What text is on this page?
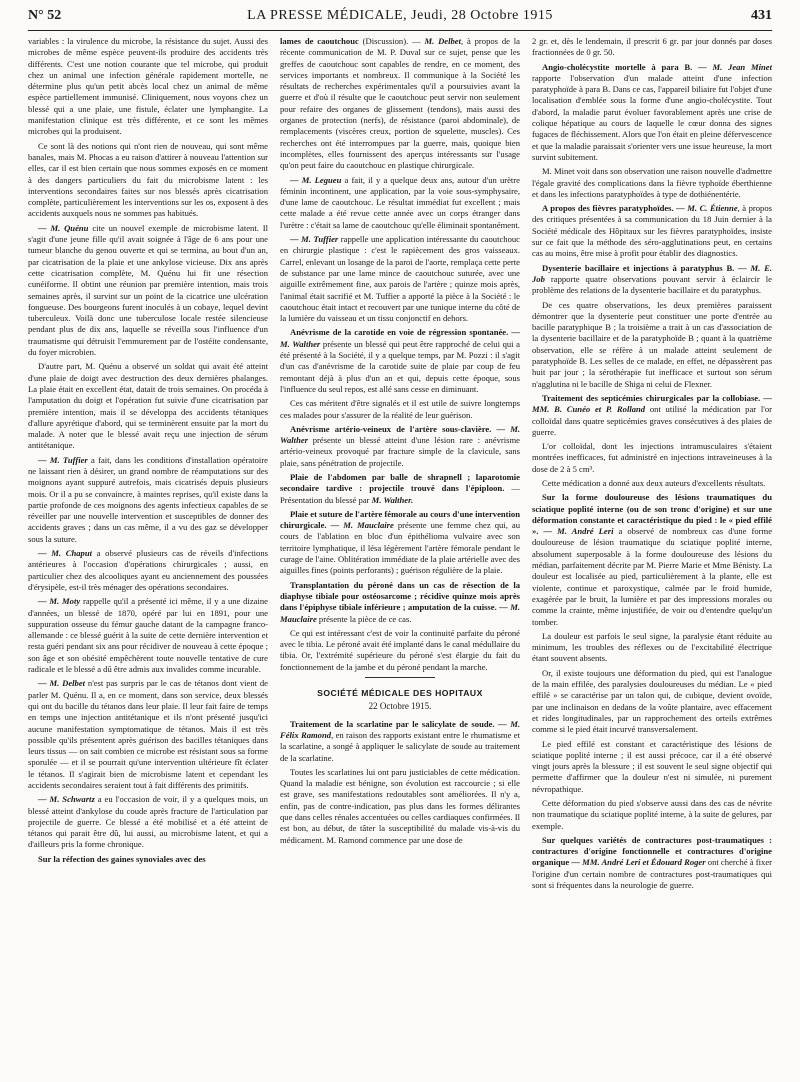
N° 52	LA PRESSE MÉDICALE, Jeudi, 28 Octobre 1915	431

variables : la virulence du microbe, la résistance du sujet. Aussi des microbes de même espèce peuvent-ils produire des accidents très différents. C'est une notion courante que tel microbe, qui produit chez un animal une infection générale rapidement mortelle, ne détermine plus qu'un petit abcès local chez un animal de même espèce partiellement immunisé. Cliniquement, nous voyons chez un blessé qui a une plaie, une fistule, éclater une lymphangite. La manifestation clinique est très différente, et ce sont les mêmes microbes qui la produisent.

Ce sont là des notions qui n'ont rien de nouveau, qui sont même banales, mais M. Phocas a eu raison d'attirer à nouveau l'attention sur elles, car il est bien certain que nous sommes exposés en ce moment à des dangers particuliers du fait du microbisme latent : les interventions secondaires faites sur nos blessés après cicatrisation complète, particulièrement les interventions sur les os, exposent à des accidents auxquels nous ne sommes pas habitués.

— M. Quénu cite un nouvel exemple de microbisme latent. Il s'agit d'une jeune fille qu'il avait soignée à l'âge de 6 ans pour une tumeur blanche du genou ouverte et qui se termina, au bout d'un an, par cicatrisation de la plaie et une ankylose vicieuse. Dix ans après cette cicatrisation complète, M. Quénu lui fit une résection cunéiforme. Il obtint une réunion par première intention, mais trois semaines après, il survint sur un point de la cicatrice une ulcération fongueuse. Des bourgeons furent inoculés à un cobaye, lequel devint tuberculeux. Voilà donc une tuberculose locale restée silencieuse pendant plus de dix ans, laquelle se réveilla sous l'influence d'un traumatisme qui détruisit l'emmurement par de l'ostéite condensante, du foyer microbien.

D'autre part, M. Quénu a observé un soldat qui avait été atteint d'une plaie de doigt avec destruction des deux dernières phalanges. La plaie était en excellent état, datait de trois semaines. On procéda à l'amputation du doigt et l'opération fut suivie d'une cicatrisation par première intention, mais il se développa des accidents tétaniques d'allure apyrétique d'abord, qui se terminèrent ensuite par la mort du malade. A noter que le blessé avait reçu une injection de sérum antitétanique.

— M. Tuffier a fait, dans les conditions d'installation opératoire ne laissant rien à désirer, un grand nombre de réamputations sur des moignons ayant suppuré autrefois, mais cicatrisés depuis plusieurs mois. Or il a pu se convaincre, à maintes reprises, qu'il existe dans la partie profonde de ces moignons des agents infectieux capables de se réveiller par une nouvelle intervention et susceptibles de donner des accidents graves ; dans un cas même, il a vu des gaz se développer sous la suture.

— M. Chaput a observé plusieurs cas de réveils d'infections antérieures à l'occasion d'opérations chirurgicales ; aussi, en particulier chez des alcooliques ayant eu anciennement des poussées d'érysipèle, est-il très ménager des opérations secondaires.

— M. Moty rappelle qu'il a présenté ici même, il y a une dizaine d'années, un blessé de 1870, opéré par lui en 1891, pour une suppuration osseuse du fémur gauche datant de la campagne franco-allemande : ce blessé guérit à la suite de cette dernière intervention et resta guéri pendant six ans pour récidiver de nouveau à cette époque ; son âge et son obésité empêchèrent toute nouvelle tentative de cure radicale et le blessé a dû être admis aux invalides comme incurable.

— M. Delbet n'est pas surpris par le cas de tétanos dont vient de parler M. Quénu. Il a, en ce moment, dans son service, deux blessés qui ont du bacille du tétanos dans leur plaie. Il leur fait faire de temps en temps une injection antitétanique et ils n'ont présenté jusqu'ici aucune manifestation symptomatique de tétanos. Mais il est très possible qu'ils présentent après guérison des bacilles tétaniques dans leurs tissus — on sait combien ce microbe est résistant sous sa forme sporulée — et il se pourrait qu'une intervention ultérieure fît éclater le tétanos. Il s'agirait bien de microbisme latent et cependant les accidents secondaires seraient tout à fait différents des primitifs.

— M. Schwartz a eu l'occasion de voir, il y a quelques mois, un blessé atteint d'ankylose du coude après fracture de l'articulation par projectile de guerre. Ce blessé a été mobilisé et a été atteint de tétanos qui parait être dû, lui aussi, au microbisme latent, et qui a d'ailleurs pris la forme chronique.

Sur la réfection des gaines synoviales avec des

lames de caoutchouc (Discussion). — M. Delbet, à propos de la récente communication de M. P. Duval sur ce sujet, pense que les greffes de caoutchouc sont capables de rendre, en ce moment, des services importants et nombreux. Il communique à la Société les résultats de recherches expérimentales qu'il a poursuivies avant la guerre et d'où il résulte que le caoutchouc peut servir non seulement pour refaire des organes de glissement (tendons), mais aussi des organes de protection (nerfs), de résistance (paroi abdominale), de remplacements (viscères creux, portion de squelette, muscles). Ces recherches ont été interrompues par la guerre, mais, quoique bien incomplètes, elles fournissent des aperçus intéressants sur l'usage qu'on peut faire du caoutchouc en plastique chirurgicale.

— M. Legueu a fait, il y a quelque deux ans, autour d'un urètre féminin incontinent, une application, par la voie sous-symphysaire, d'une lame de caoutchouc. Le résultat immédiat fut excellent ; mais cette malade a été revue cette année avec un corps étranger dans l'urètre : c'était sa lame de caoutchouc qu'elle éliminait spontanément.

— M. Tuffier rappelle une application intéressante du caoutchouc en chirurgie plastique : c'est le rapiècement des gros vaisseaux. Carrel, enlevant un losange de la paroi de l'aorte, remplaça cette perte de substance par une lame mince de caoutchouc suturée, avec une aiguille extrêmement fine, aux parois de l'artère ; quinze mois après, l'animal était sacrifié et M. Tuffier a apporté la pièce à la Société : le caoutchouc était intact et recouvert par une tunique interne du côté de la lumière du vaisseau et un tissu conjonctif en dehors.

Anévrisme de la carotide en voie de régression spontanée. — M. Walther présente un blessé qui peut être rapproché de celui qui a été présenté à la Société, il y a quelque temps, par M. Pozzi : il s'agit d'un cas d'anévrisme de la carotide suite de plaie par coup de feu remontant déjà à plus d'un an et qui, depuis cette époque, sous l'influence du seul repos, est allé sans cesse en diminuant.

Ces cas méritent d'être signalés et il est utile de suivre longtemps ces malades pour s'assurer de la réalité de leur guérison.

Anévrisme artério-veineux de l'artère sous-clavière. — M. Walther présente un blessé atteint d'une lésion rare : anévrisme artério-veineux provoqué par fracture simple de la clavicule, sans plaie, sans pénétration de projectile.

Plaie de l'abdomen par balle de shrapnell ; laparotomie secondaire tardive : projectile trouvé dans l'épiploon. — Présentation du blessé par M. Walther.

Plaie et suture de l'artère fémorale au cours d'une intervention chirurgicale. — M. Mauclaire présente une femme chez qui, au cours de l'ablation en bloc d'un épithélioma vulvaire avec son territoire lymphatique, il lésa légèrement l'artère fémorale pendant le curage de l'aine. Oblitération immédiate de la plaie artérielle avec des aiguilles fines (points perforants) ; guérison régulière de la plaie.

Transplantation du péroné dans un cas de résection de la diaphyse tibiale pour ostéosarcome ; récidive quinze mois après dans l'épiphyse tibiale inférieure ; amputation de la cuisse. — M. Mauclaire présente la pièce de ce cas.

Ce qui est intéressant c'est de voir la continuité parfaite du péroné avec le tibia. Le péroné avait été implanté dans le canal médullaire du tibia. Or, l'extrémité supérieure du péroné s'est élargie du fait du fonctionnement de la jambe et du péroné pendant la marche.

SOCIÉTÉ MÉDICALE DES HOPITAUX
22 Octobre 1915.

Traitement de la scarlatine par le salicylate de soude. — M. Félix Ramond, en raison des rapports existant entre le rhumatisme et la scarlatine, a songé à appliquer le salicylate de soude au traitement de la scarlatine.

Toutes les scarlatines lui ont paru justiciables de cette médication. Quand la maladie est bénigne, son évolution est raccourcie ; si elle est grave, ses manifestations redoutables sont améliorées. Il n'y a, enfin, pas de contre-indication, pas plus dans les formes délirantes que dans celles rénales accentuées ou celles cardiaques confirmées. Il est bon, au début, de tâter la susceptibilité du malade vis-à-vis du médicament. M. Ramond commence par une dose de

2 gr. et, dès le lendemain, il prescrit 6 gr. par jour donnés par doses fractionnées de 0 gr. 50.

Angio-cholécystite mortelle à para B. — M. Jean Minet rapporte l'observation d'un malade atteint d'une infection paratyphoïde à para B. Dans ce cas, l'appareil biliaire fut l'objet d'une localisation d'emblée sous la forme d'une angio-cholécystite. Tout d'abord, la maladie parut évoluer favorablement après une crise de colique hépatique au cours de laquelle le cœur donna des signes fugaces de fléchissement. Alors que l'on était en pleine défervescence et que la maladie paraissait s'orienter vers une issue heureuse, la mort survint subitement.

M. Minet voit dans son observation une raison nouvelle d'admettre l'égale gravité des complications dans la fièvre typhoïde éberthienne et dans les infections paratyphoïdes à type de dothiénentérie.

A propos des fièvres paratyphoïdes. — M. C. Étienne, à propos des critiques présentées à sa communication du 18 Juin dernier à la Société médicale des Hôpitaux sur les fièvres paratyphoïdes, insiste sur ce fait que la méthode des séro-agglutinations peut, en certains cas au moins, être mise à profit pour établir des diagnostics.

Dysenterie bacillaire et injections à paratyphus B. — M. E. Job rapporte quatre observations pouvant servir à éclaircir le problème des relations de la dysenterie bacillaire et du paratyphus.

De ces quatre observations, les deux premières paraissent démontrer que la dysenterie peut constituer une porte d'entrée au bacille paratyphique B ; la troisième a trait à un cas d'association de la dysenterie bacillaire et de la paratyphoïde B ; quant à la quatrième observation, elle se réfère à un malade atteint seulement de paratyphoïde B. Les selles de ce malade, en effet, ne dépassèrent pas huit par jour ; la sérothérapie fut inefficace et surtout son sérum n'agglutina ni le bacille de Shiga ni celui de Flexner.

Traitement des septicémies chirurgicales par la collobiase. — MM. B. Cunéo et P. Rolland ont utilisé la médication par l'or colloïdal dans quatre septicémies graves consécutives à des plaies de guerre.

L'or colloïdal, dont les injections intramusculaires s'étaient montrées inefficaces, fut administré en injections intraveineuses à la dose de 2 à 5 cm³.

Cette médication a donné aux deux auteurs d'excellents résultats.

Sur la forme douloureuse des lésions traumatiques du sciatique poplité interne (ou de son tronc d'origine) et sur une déformation constante et caractéristique du pied : le « pied effilé ». — M. André Leri a observé de nombreux cas d'une forme douloureuse de lésion traumatique du sciatique poplité interne, absolument superposable à la forme douloureuse des lésions du médian, parfaitement décrite par M. Pierre Marie et Mme Bénisty. La douleur est localisée au pied, particulièrement à la plante, elle est violente, continue et paroxystique, calmée par le froid humide, exagérée par le bruit, la lumière et par des impressions morales ou comme la crainte, même injustifiée, de voir ou d'entendre quelqu'un tomber.

La douleur est parfois le seul signe, la paralysie étant réduite au minimum, les troubles des réflexes ou de l'excitabilité électrique étant souvent absents.

Or, il existe toujours une déformation du pied, qui est l'analogue de la main effilée, des paralysies douloureuses du médian. Le « pied effilé » se caractérise par un talon qui, de cubique, devient ovoïde, par une inclinaison en dedans de la voûte plantaire, avec effacement et rides longitudinales, par un rapprochement des orteils extrêmes comme si le pied était incurvé transversalement.

Le pied effilé est constant et caractéristique des lésions de sciatique poplité interne ; il est aussi précoce, car il a été observé vingt jours après la blessure ; il est souvent le seul signe objectif qui permette d'affirmer que la douleur n'est ni simulée, ni purement névropathique.

Cette déformation du pied s'observe aussi dans des cas de névrite non traumatique du sciatique poplité interne, à la suite de gelures, par exemple.

Sur quelques variétés de contractures post-traumatiques : contractures d'origine fonctionnelle et contractures d'origine organique — MM. André Leri et Édouard Roger ont cherché à fixer l'origine d'un certain nombre de contractures post-traumatiques qui sont si fréquentes dans la neurologie de guerre.
